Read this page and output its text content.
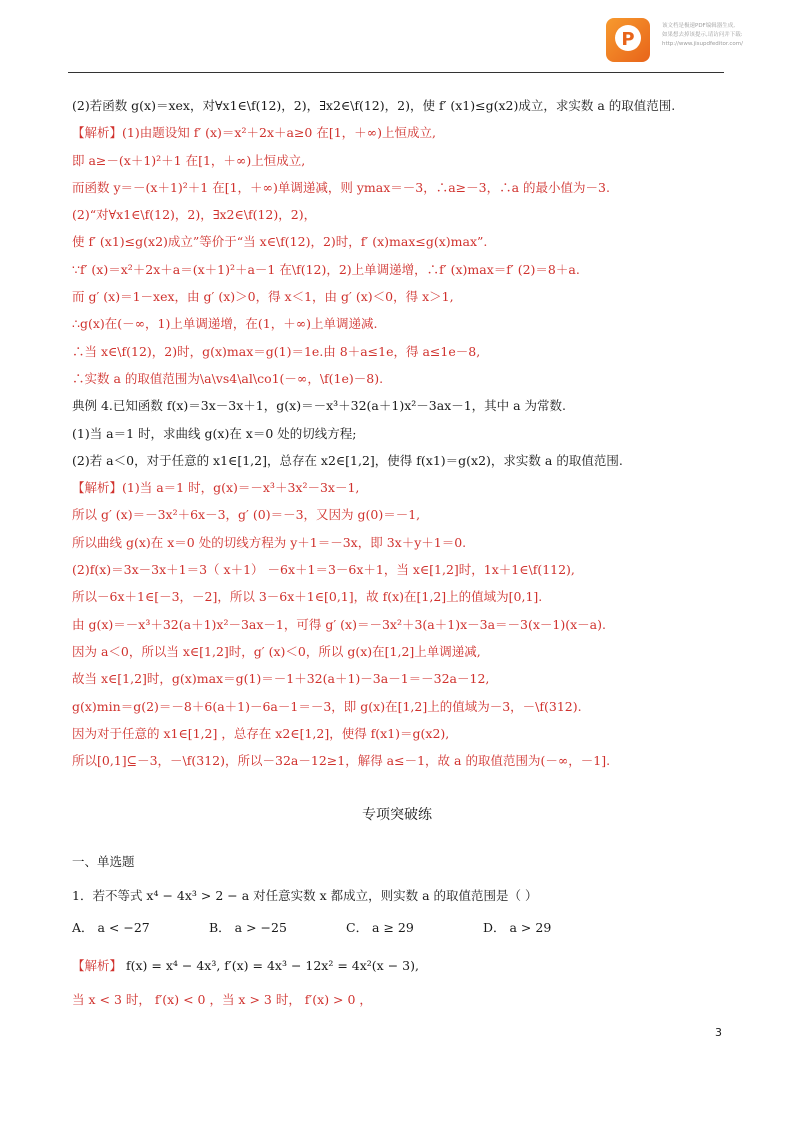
P
该文档是极速PDF编辑器生成,
如果想去掉该提示,请访问并下载:
http://www.jisupdfeditor.com/
(2)若函数 g(x)＝xex，对∀x1∈\f(12)，2)，∃x2∈\f(12)，2)，使 f′ (x1)≤g(x2)成立，求实数 a 的取值范围.
【解析】(1)由题设知 f′ (x)＝x²＋2x＋a≥0 在[1，＋∞)上恒成立,
即 a≥－(x＋1)²＋1 在[1，＋∞)上恒成立,
而函数 y＝－(x＋1)²＋1 在[1，＋∞)单调递减，则 ymax＝－3，∴a≥－3，∴a 的最小值为－3.
(2)“对∀x1∈\f(12)，2)，∃x2∈\f(12)，2)，
使 f′ (x1)≤g(x2)成立”等价于“当 x∈\f(12)，2)时，f′ (x)max≤g(x)max”.
∵f′ (x)＝x²＋2x＋a＝(x＋1)²＋a－1 在\f(12)，2)上单调递增，∴f′ (x)max＝f′ (2)＝8＋a.
而 g′ (x)＝1－xex，由 g′ (x)＞0，得 x＜1，由 g′ (x)＜0，得 x＞1,
∴g(x)在(－∞，1)上单调递增，在(1，＋∞)上单调递减.
∴当 x∈\f(12)，2)时，g(x)max＝g(1)＝1e.由 8＋a≤1e，得 a≤1e－8,
∴实数 a 的取值范围为\a\vs4\al\co1(－∞，\f(1e)－8).
典例 4.已知函数 f(x)＝3x－3x＋1，g(x)＝－x³＋32(a＋1)x²－3ax－1，其中 a 为常数.
(1)当 a＝1 时，求曲线 g(x)在 x＝0 处的切线方程;
(2)若 a＜0，对于任意的 x1∈[1,2]，总存在 x2∈[1,2]，使得 f(x1)＝g(x2)，求实数 a 的取值范围.
【解析】(1)当 a＝1 时，g(x)＝－x³＋3x²－3x－1,
所以 g′ (x)＝－3x²＋6x－3，g′ (0)＝－3，又因为 g(0)＝－1,
所以曲线 g(x)在 x＝0 处的切线方程为 y＋1＝－3x，即 3x＋y＋1＝0.
(2)f(x)＝3x－3x＋1＝3（ x＋1） －6x＋1＝3－6x＋1，当 x∈[1,2]时，1x＋1∈\f(112),
所以－6x＋1∈[－3，－2]，所以 3－6x＋1∈[0,1]，故 f(x)在[1,2]上的值域为[0,1].
由 g(x)＝－x³＋32(a＋1)x²－3ax－1，可得 g′ (x)＝－3x²＋3(a＋1)x－3a＝－3(x－1)(x－a).
因为 a＜0，所以当 x∈[1,2]时，g′ (x)＜0，所以 g(x)在[1,2]上单调递减,
故当 x∈[1,2]时，g(x)max＝g(1)＝－1＋32(a＋1)－3a－1＝－32a－12,
g(x)min＝g(2)＝－8＋6(a＋1)－6a－1＝－3，即 g(x)在[1,2]上的值域为－3，－\f(312).
因为对于任意的 x1∈[1,2] ，总存在 x2∈[1,2]，使得 f(x1)＝g(x2),
所以[0,1]⊆－3，－\f(312)，所以－32a－12≥1，解得 a≤－1，故 a 的取值范围为(－∞，－1].
专项突破练
一、单选题
1．若不等式 x⁴ − 4x³ > 2 − a 对任意实数 x 都成立，则实数 a 的取值范围是（ ）
A． a < −27	B． a > −25	C． a ≥ 29	D． a > 29
【解析】 f(x) = x⁴ − 4x³, f′(x) = 4x³ − 12x² = 4x²(x − 3),
当 x < 3 时， f′(x) < 0 ，当 x > 3 时， f′(x) > 0 ，
3
